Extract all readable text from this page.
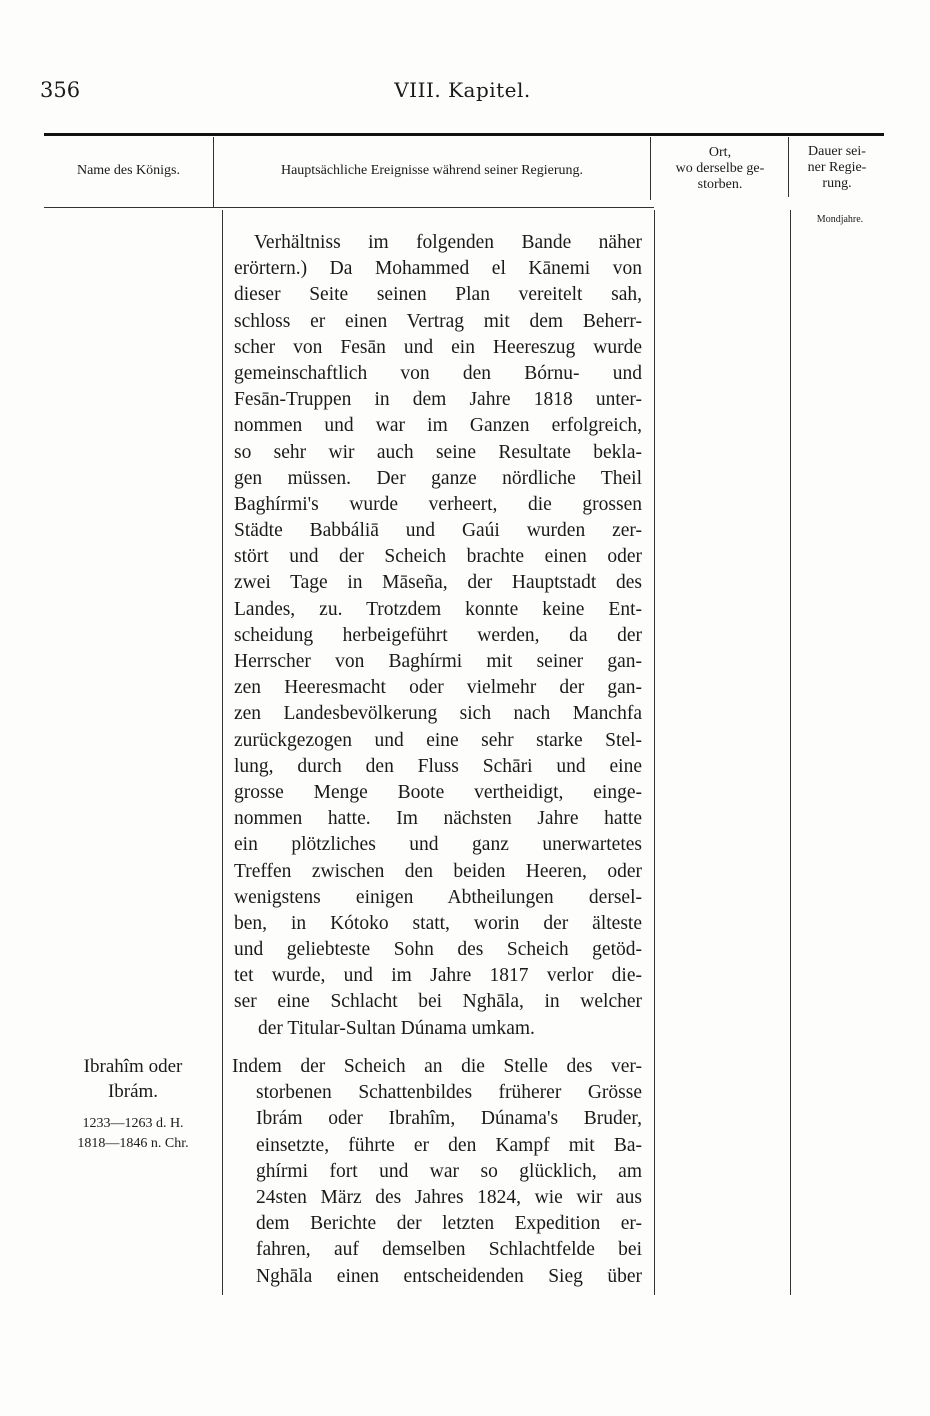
356	VIII. Kapitel.
Name des Königs.	Hauptsächliche Ereignisse während seiner Regierung.
Ort,
wo derselbe ge-
storben.
Dauer sei-
ner Regie-
rung.
Mondjahre.
Verhältniss im folgenden Bande näher
erörtern.) Da Mohammed el Kānemi von
dieser Seite seinen Plan vereitelt sah,
schloss er einen Vertrag mit dem Beherr-
scher von Fesān und ein Heereszug wurde
gemeinschaftlich von den Bórnu- und
Fesān-Truppen in dem Jahre 1818 unter-
nommen und war im Ganzen erfolgreich,
so sehr wir auch seine Resultate bekla-
gen müssen. Der ganze nördliche Theil
Baghírmi's wurde verheert, die grossen
Städte Babbáliā und Gaúi wurden zer-
stört und der Scheich brachte einen oder
zwei Tage in Māseña, der Hauptstadt des
Landes, zu. Trotzdem konnte keine Ent-
scheidung herbeigeführt werden, da der
Herrscher von Baghírmi mit seiner gan-
zen Heeresmacht oder vielmehr der gan-
zen Landesbevölkerung sich nach Manchfa
zurückgezogen und eine sehr starke Stel-
lung, durch den Fluss Schāri und eine
grosse Menge Boote vertheidigt, einge-
nommen hatte. Im nächsten Jahre hatte
ein plötzliches und ganz unerwartetes
Treffen zwischen den beiden Heeren, oder
wenigstens einigen Abtheilungen dersel-
ben, in Kótoko statt, worin der älteste
und geliebteste Sohn des Scheich getöd-
tet wurde, und im Jahre 1817 verlor die-
ser eine Schlacht bei Nghāla, in welcher
der Titular-Sultan Dúnama umkam.
Indem der Scheich an die Stelle des ver-
storbenen Schattenbildes früherer Grösse
Ibrám oder Ibrahîm, Dúnama's Bruder,
einsetzte, führte er den Kampf mit Ba-
ghírmi fort und war so glücklich, am
24sten März des Jahres 1824, wie wir aus
dem Berichte der letzten Expedition er-
fahren, auf demselben Schlachtfelde bei
Nghāla einen entscheidenden Sieg über
Ibrahîm oder
Ibrám.
1233—1263 d. H.
1818—1846 n. Chr.
